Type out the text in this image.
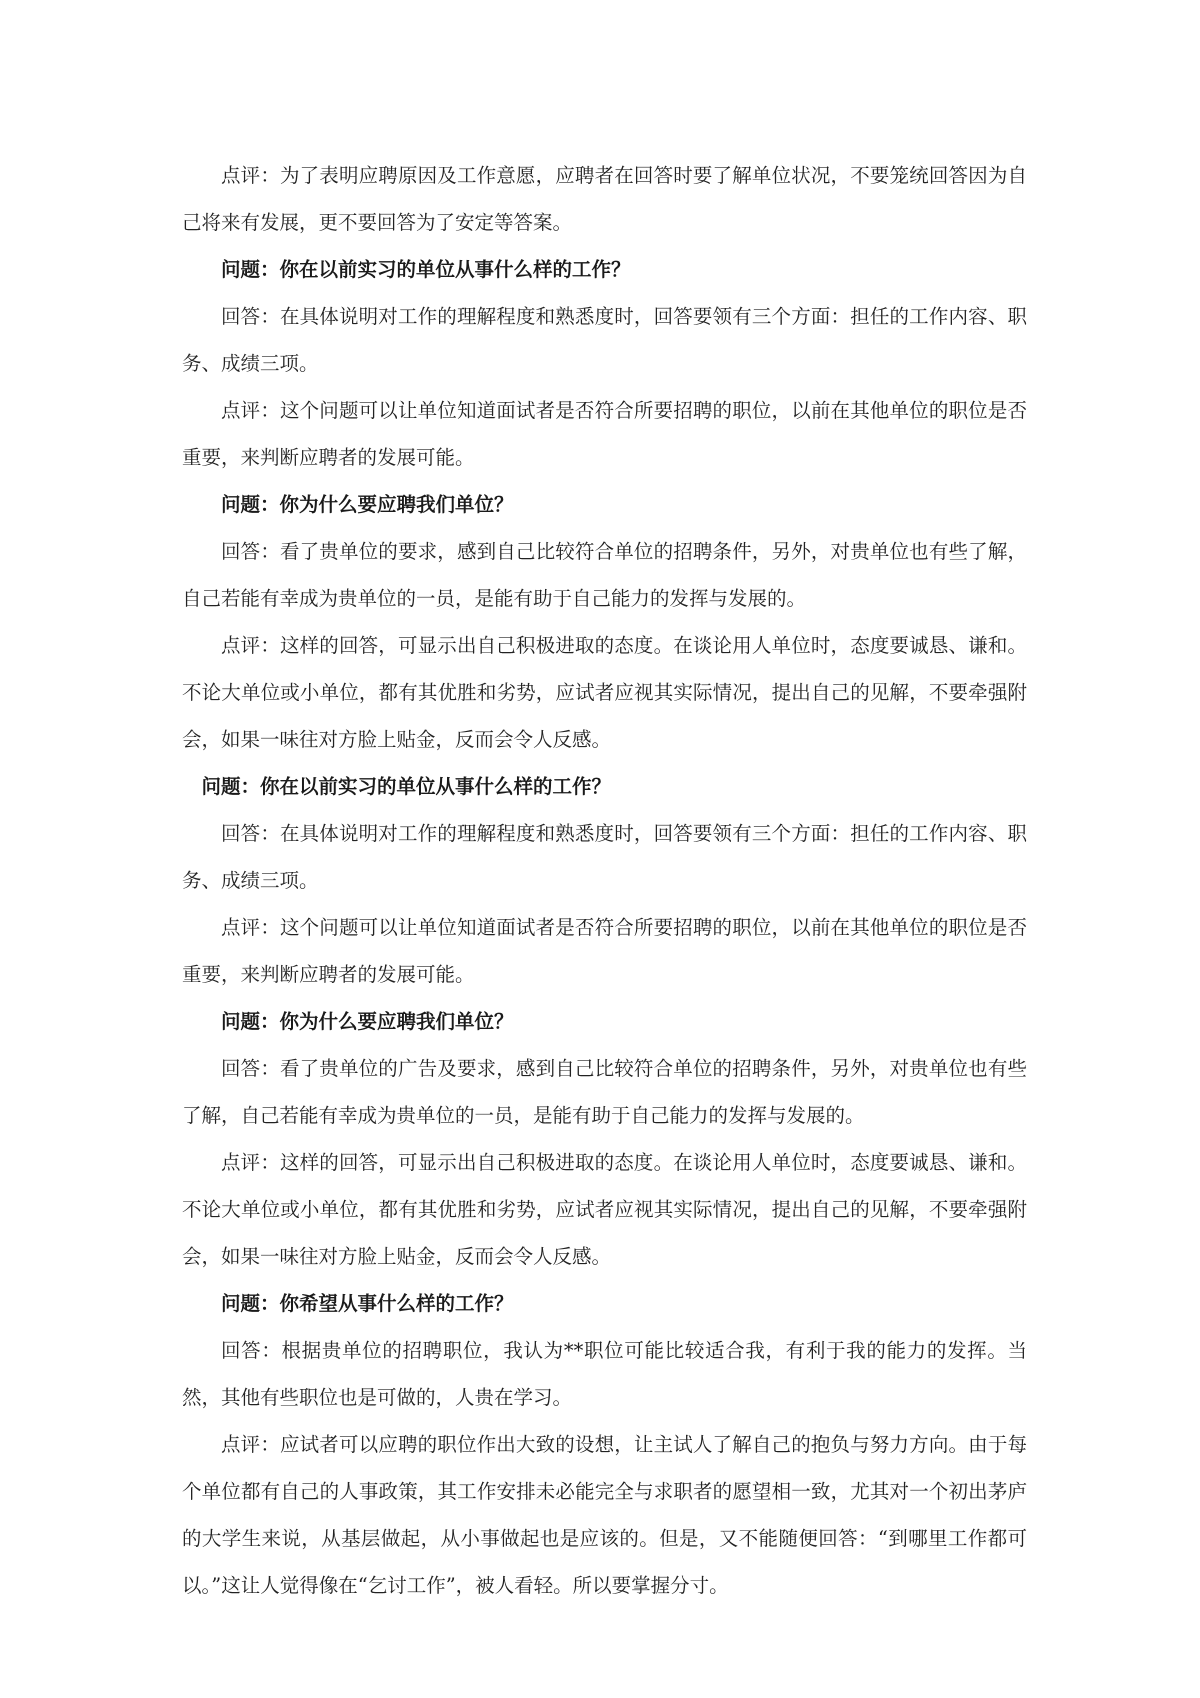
点评：为了表明应聘原因及工作意愿，应聘者在回答时要了解单位状况，不要笼统回答因为自己将来有发展，更不要回答为了安定等答案。

问题：你在以前实习的单位从事什么样的工作？

回答：在具体说明对工作的理解程度和熟悉度时，回答要领有三个方面：担任的工作内容、职务、成绩三项。

点评：这个问题可以让单位知道面试者是否符合所要招聘的职位，以前在其他单位的职位是否重要，来判断应聘者的发展可能。

问题：你为什么要应聘我们单位？

回答：看了贵单位的要求，感到自己比较符合单位的招聘条件，另外，对贵单位也有些了解，自己若能有幸成为贵单位的一员，是能有助于自己能力的发挥与发展的。

点评：这样的回答，可显示出自己积极进取的态度。在谈论用人单位时，态度要诚恳、谦和。不论大单位或小单位，都有其优胜和劣势，应试者应视其实际情况，提出自己的见解，不要牵强附会，如果一味往对方脸上贴金，反而会令人反感。

问题：你在以前实习的单位从事什么样的工作？

回答：在具体说明对工作的理解程度和熟悉度时，回答要领有三个方面：担任的工作内容、职务、成绩三项。

点评：这个问题可以让单位知道面试者是否符合所要招聘的职位，以前在其他单位的职位是否重要，来判断应聘者的发展可能。

问题：你为什么要应聘我们单位？

回答：看了贵单位的广告及要求，感到自己比较符合单位的招聘条件，另外，对贵单位也有些了解，自己若能有幸成为贵单位的一员，是能有助于自己能力的发挥与发展的。

点评：这样的回答，可显示出自己积极进取的态度。在谈论用人单位时，态度要诚恳、谦和。不论大单位或小单位，都有其优胜和劣势，应试者应视其实际情况，提出自己的见解，不要牵强附会，如果一味往对方脸上贴金，反而会令人反感。

问题：你希望从事什么样的工作？

回答：根据贵单位的招聘职位，我认为**职位可能比较适合我，有利于我的能力的发挥。当然，其他有些职位也是可做的，人贵在学习。

点评：应试者可以应聘的职位作出大致的设想，让主试人了解自己的抱负与努力方向。由于每个单位都有自己的人事政策，其工作安排未必能完全与求职者的愿望相一致，尤其对一个初出茅庐的大学生来说，从基层做起，从小事做起也是应该的。但是，又不能随便回答：“到哪里工作都可以。”这让人觉得像在“乞讨工作”，被人看轻。所以要掌握分寸。
